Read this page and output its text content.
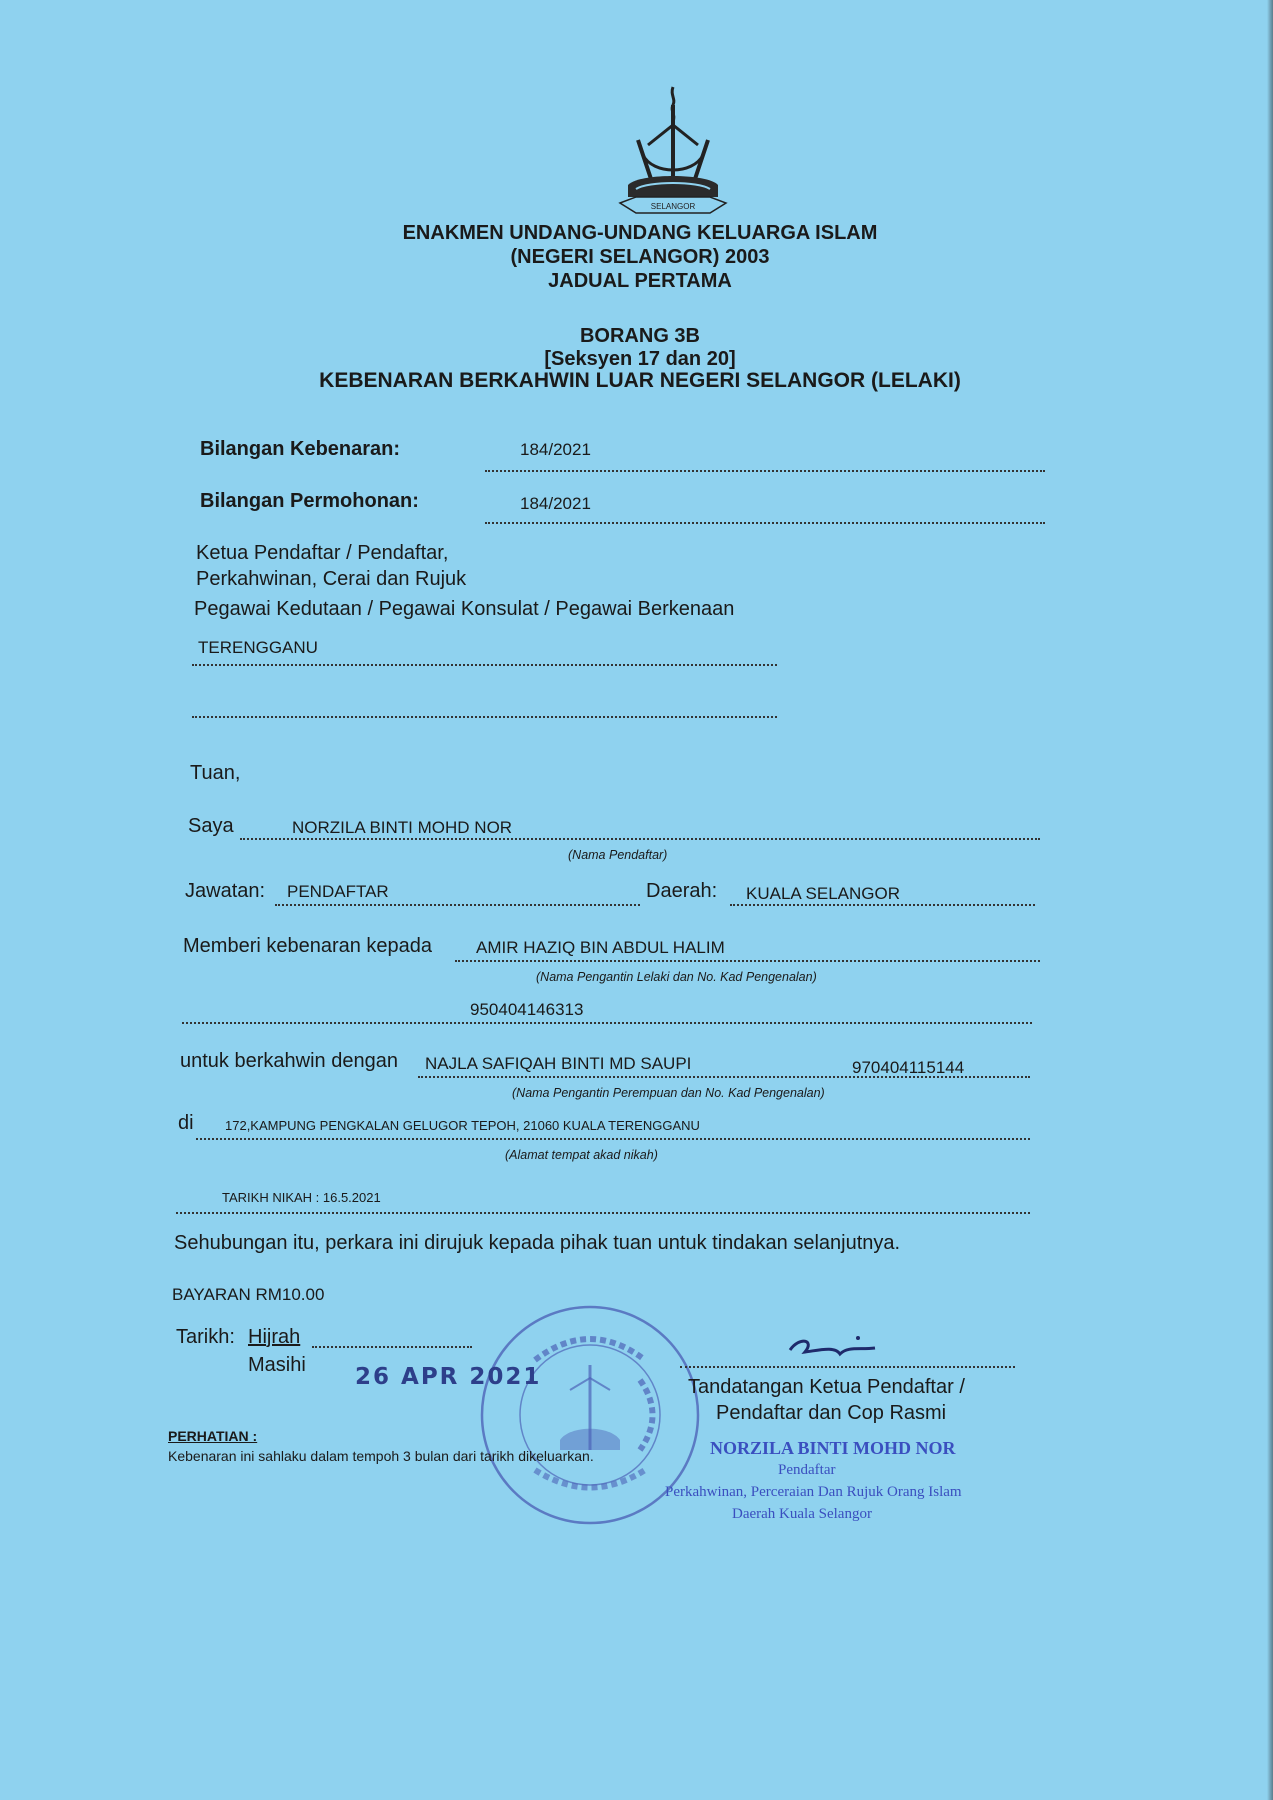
SELANGOR
ENAKMEN UNDANG-UNDANG KELUARGA ISLAM
(NEGERI SELANGOR) 2003
JADUAL PERTAMA
BORANG 3B
[Seksyen 17 dan 20]
KEBENARAN BERKAHWIN LUAR NEGERI SELANGOR (LELAKI)
Bilangan Kebenaran:	184/2021
Bilangan Permohonan:	184/2021
Ketua Pendaftar / Pendaftar,
Perkahwinan, Cerai dan Rujuk
Pegawai Kedutaan / Pegawai Konsulat / Pegawai Berkenaan
TERENGGANU
Tuan,
Saya	NORZILA BINTI MOHD NOR
(Nama Pendaftar)
Jawatan: PENDAFTAR	Daerah: KUALA SELANGOR
Memberi kebenaran kepada	AMIR HAZIQ BIN ABDUL HALIM
(Nama Pengantin Lelaki dan No. Kad Pengenalan)
950404146313
untuk berkahwin dengan NAJLA SAFIQAH BINTI MD SAUPI	970404115144
(Nama Pengantin Perempuan dan No. Kad Pengenalan)
di 172,KAMPUNG PENGKALAN GELUGOR TEPOH, 21060 KUALA TERENGGANU
(Alamat tempat akad nikah)
TARIKH NIKAH : 16.5.2021
Sehubungan itu, perkara ini dirujuk kepada pihak tuan untuk tindakan selanjutnya.
BAYARAN RM10.00
Tarikh: Hijrah
Masihi 26 APR 2021	Tandatangan Ketua Pendaftar /
Pendaftar dan Cop Rasmi
NORZILA BINTI MOHD NOR
Pendaftar
Perkahwinan, Perceraian Dan Rujuk Orang Islam
Daerah Kuala Selangor
PERHATIAN :
Kebenaran ini sahlaku dalam tempoh 3 bulan dari tarikh dikeluarkan.
